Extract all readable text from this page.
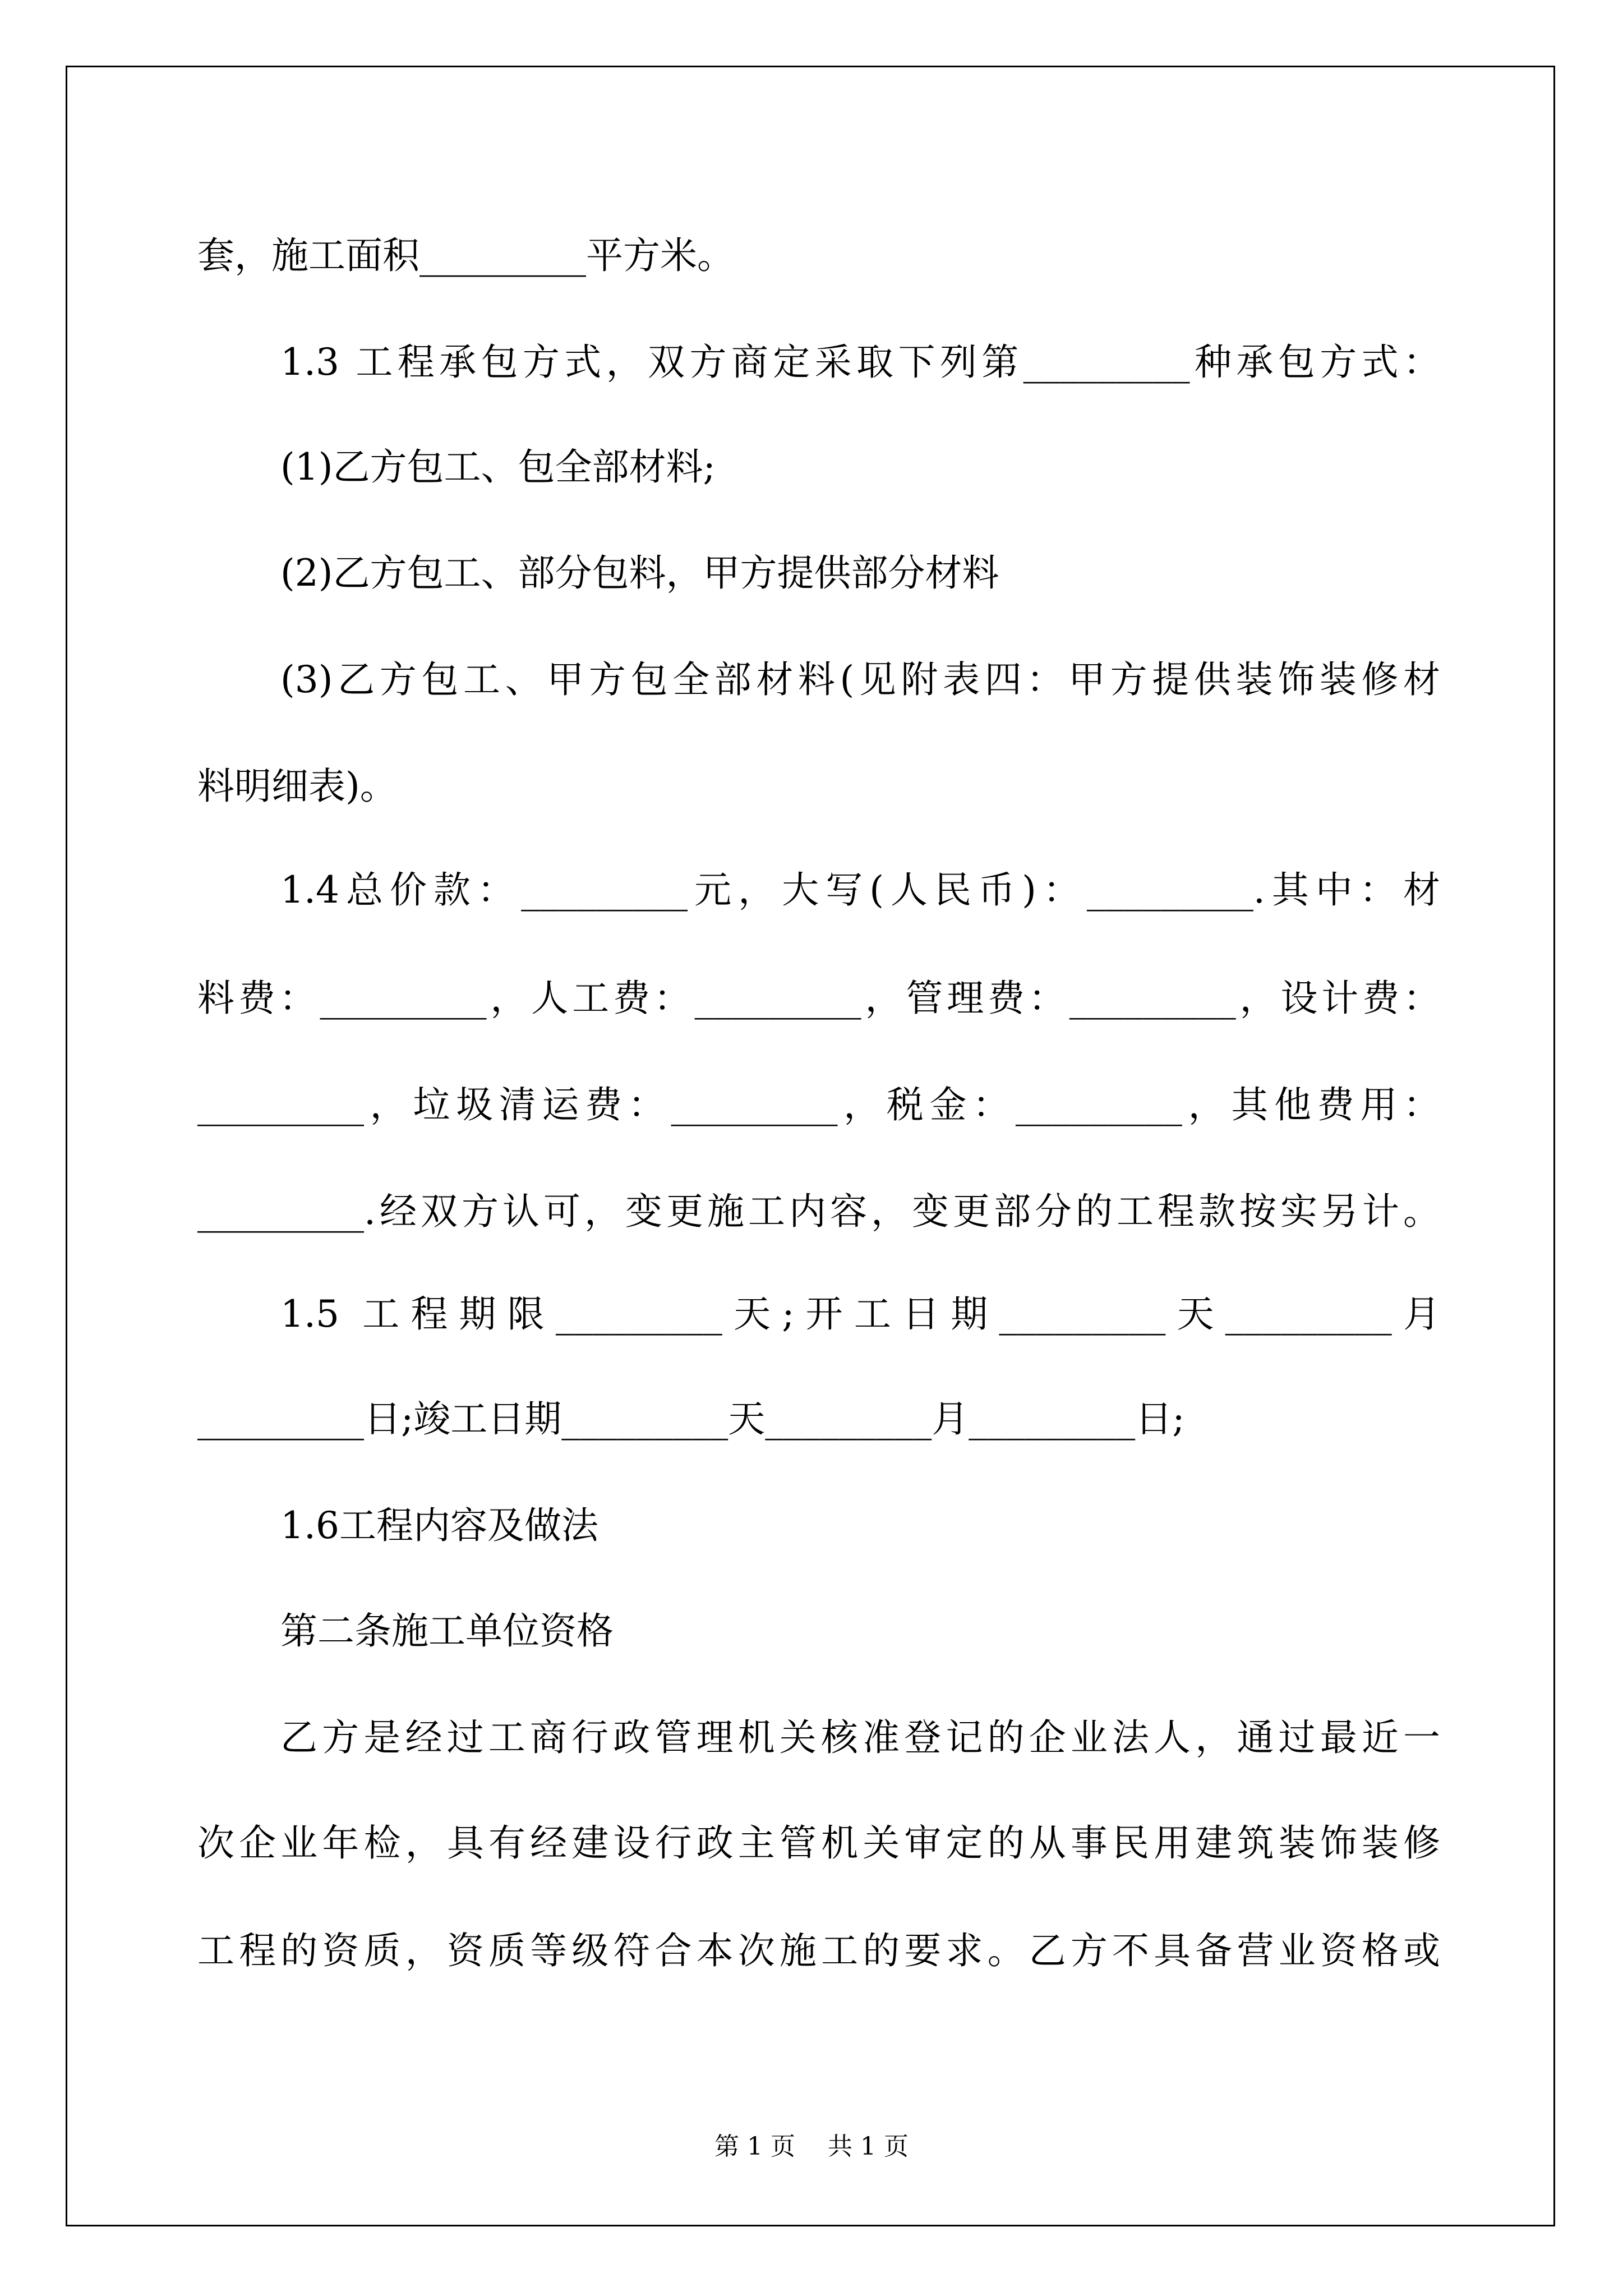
套，施工面积_________平方米。
1.3 工程承包方式，双方商定采取下列第_________种承包方式：
(1)乙方包工、包全部材料;
(2)乙方包工、部分包料，甲方提供部分材料
(3)乙方包工、甲方包全部材料(见附表四：甲方提供装饰装修材
料明细表)。
1.4总价款：_________元，大写(人民币)：_________.其中：材
料费：_________，人工费：_________，管理费：_________，设计费：
_________，垃圾清运费：_________，税金：_________，其他费用：
_________.经双方认可，变更施工内容，变更部分的工程款按实另计。
1.5 工程期限_________天;开工日期_________天_________月
_________日;竣工日期_________天_________月_________日;
1.6工程内容及做法
第二条施工单位资格
乙方是经过工商行政管理机关核准登记的企业法人，通过最近一
次企业年检，具有经建设行政主管机关审定的从事民用建筑装饰装修
工程的资质，资质等级符合本次施工的要求。乙方不具备营业资格或
第 1 页　 共 1 页
